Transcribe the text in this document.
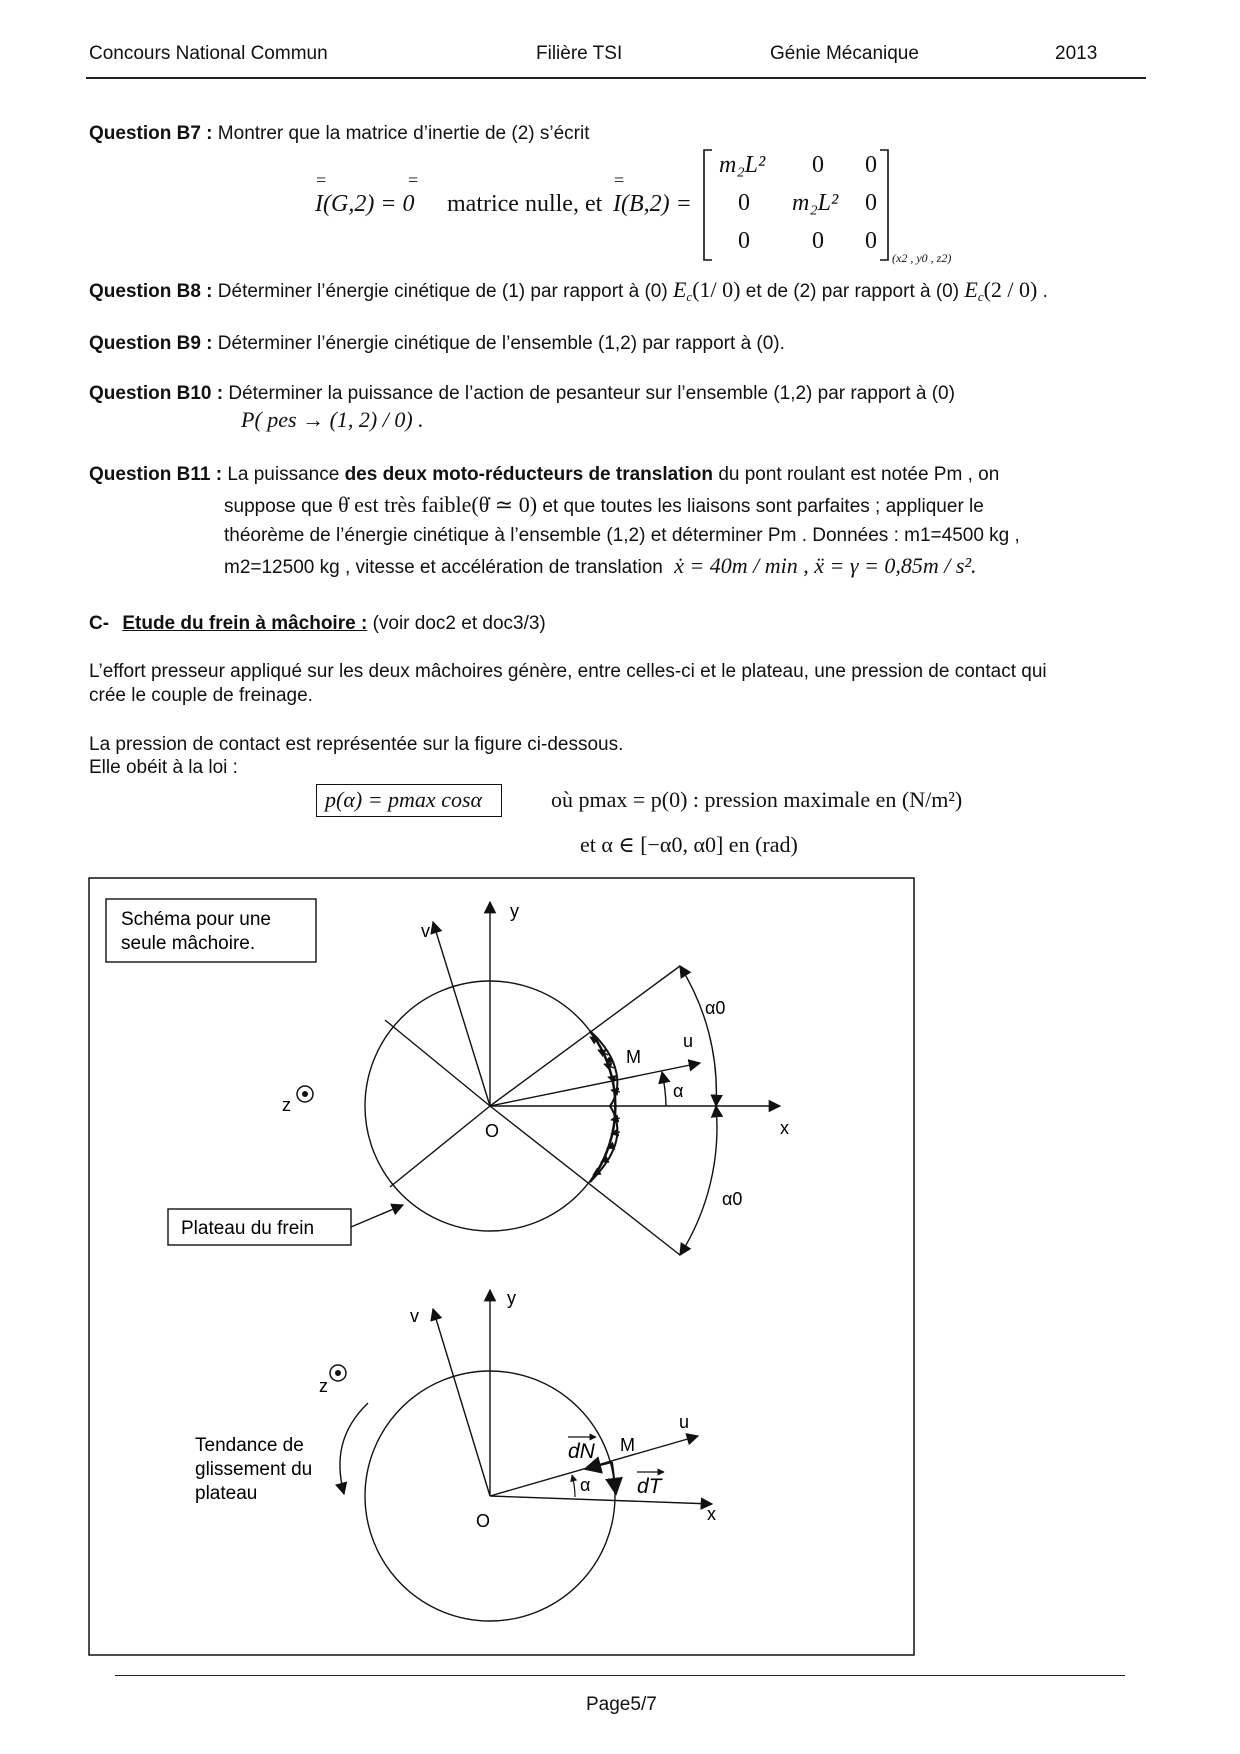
Concours National Commun	Filière TSI	Génie Mécanique	2013
Question B7 : Montrer que la matrice d’inertie de (2) s’écrit
I(G,2) = 0
=	=
matrice nulle, et
=
I(B,2) =
m₂L² 0 0
0 m₂L² 0
0	0 0
(x2 , y0 , z2)
Question B8 : Déterminer l’énergie cinétique de (1) par rapport à (0) $E_c(1/$ 0) et de (2) par rapport à (0) $E_c(2 / 0)$ .
Question B9 : Déterminer l’énergie cinétique de l’ensemble (1,2) par rapport à (0).
Question B10 : Déterminer la puissance de l’action de pesanteur sur l’ensemble (1,2) par rapport à (0)
P( pes → (1, 2) / 0) .
Question B11 : La puissance des deux moto-réducteurs de translation du pont roulant est notée Pm , on
suppose que θ̇ est très faible(θ̇ ≃ 0) et que toutes les liaisons sont parfaites ; appliquer le
théorème de l’énergie cinétique à l’ensemble (1,2) et déterminer Pm . Données : m1=4500 kg ,
m2=12500 kg , vitesse et accélération de translation ẋ = 40m / min , ẍ = γ = 0,85m / s².
C- Etude du frein à mâchoire : (voir doc2 et doc3/3)
L’effort presseur appliqué sur les deux mâchoires génère, entre celles-ci et le plateau, une pression de contact qui
crée le couple de freinage.
La pression de contact est représentée sur la figure ci-dessous.
Elle obéit à la loi :
p(α) = pmax cosα	où pmax = p(0) : pression maximale en (N/m²)
et α ∈ [−α0, α0] en (rad)
v
y
u
x
z
O
M
α
α0
α0
Schéma pour une
seule mâchoire.
Plateau du frein
v
y
u
x
z
O
M
α
dN
dT
Tendance de
glissement du
plateau
Page5/7
